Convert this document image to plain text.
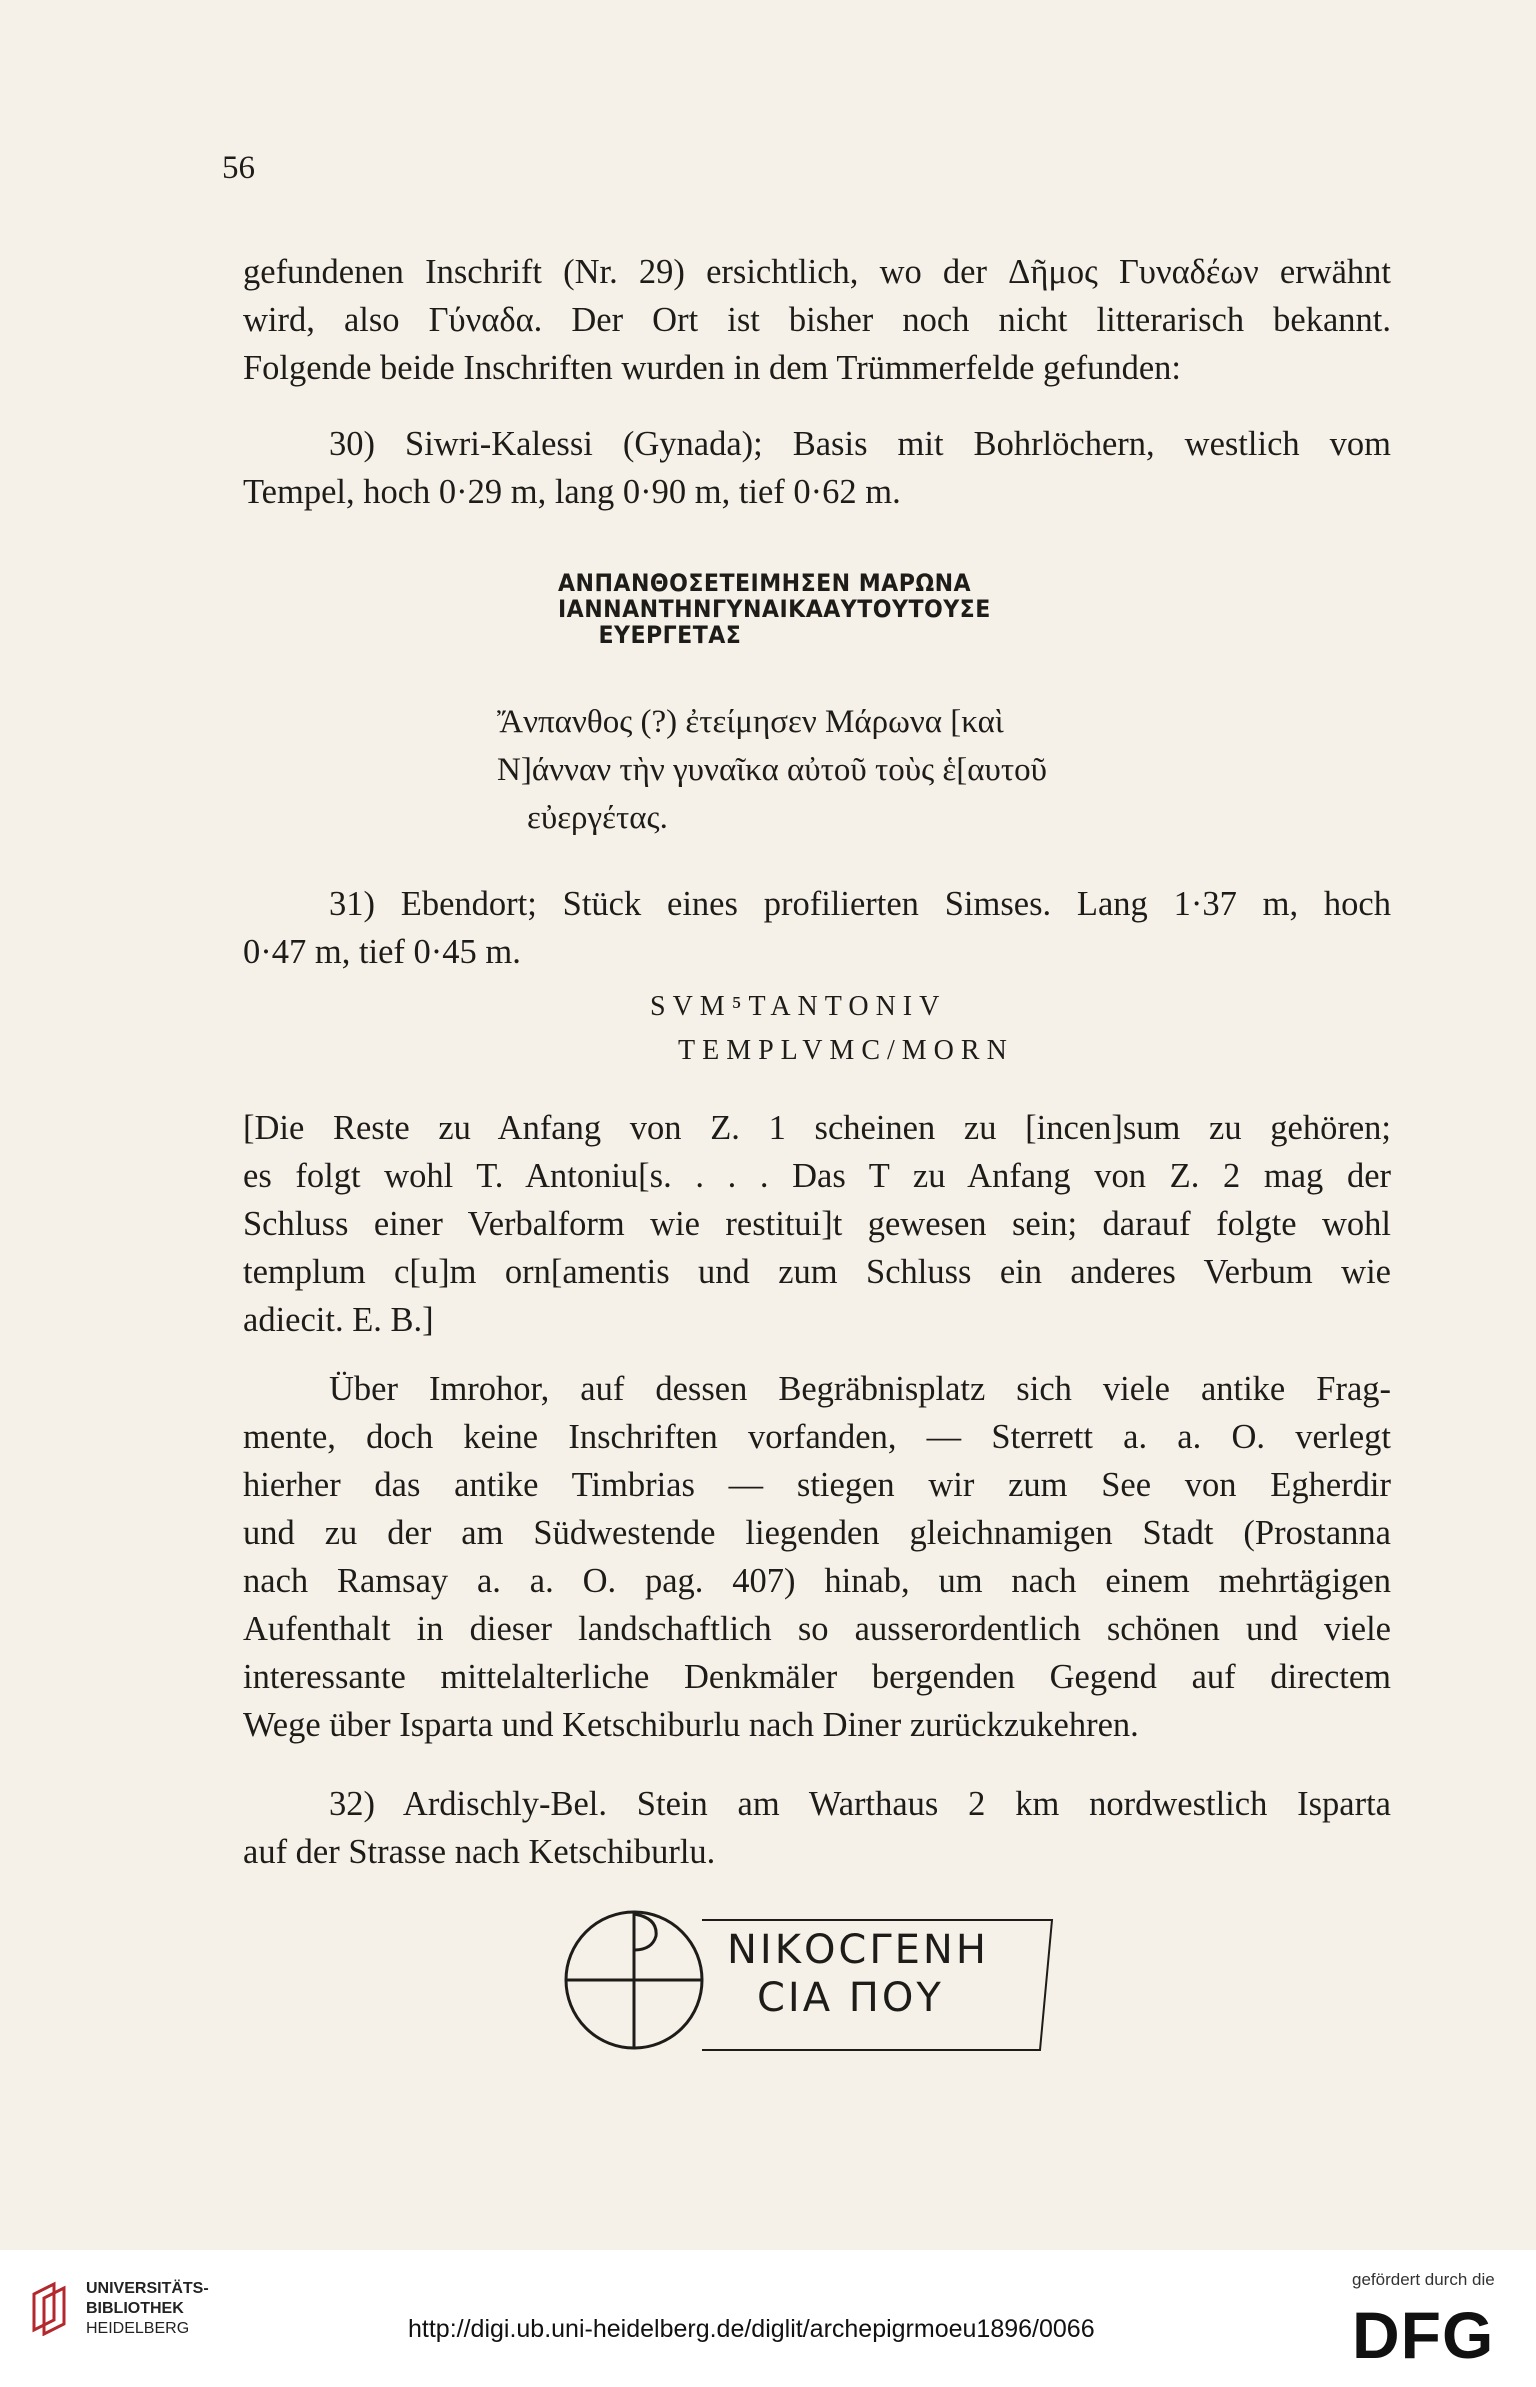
56
gefundenen Inschrift (Nr. 29) ersichtlich, wo der Δῆμος Γυναδέων erwähnt
wird, also Γύναδα. Der Ort ist bisher noch nicht litterarisch bekannt.
Folgende beide Inschriften wurden in dem Trümmerfelde gefunden:
30) Siwri-Kalessi (Gynada); Basis mit Bohrlöchern, westlich vom
Tempel, hoch 0·29 m, lang 0·90 m, tief 0·62 m.
ΑΝΠΑΝΘΟΣΕΤΕΙΜΗΣΕΝ ΜΑΡΩΝΑ
ΙΑΝΝΑΝΤΗΝΓΥΝΑΙΚΑΑΥΤΟΥΤΟΥΣΕ
ΕΥΕΡΓΕΤΑΣ
Ἄνπανθος (?) ἐτείμησεν Μάρωνα [καὶ
N]άνναν τὴν γυναῖκα αὐτοῦ τοὺς ἑ[αυτοῦ
εὐεργέτας.
31) Ebendort; Stück eines profilierten Simses. Lang 1·37 m, hoch
0·47 m, tief 0·45 m.
SVM⁵TANTONIV
TEMPLVMC/MORN
[Die Reste zu Anfang von Z. 1 scheinen zu [incen]sum zu gehören;
es folgt wohl T. Antoniu[s. . . . Das T zu Anfang von Z. 2 mag der
Schluss einer Verbalform wie restitui]t gewesen sein; darauf folgte wohl
templum c[u]m orn[amentis und zum Schluss ein anderes Verbum wie
adiecit. E. B.]
Über Imrohor, auf dessen Begräbnisplatz sich viele antike Frag-
mente, doch keine Inschriften vorfanden, — Sterrett a. a. O. verlegt
hierher das antike Timbrias — stiegen wir zum See von Egherdir
und zu der am Südwestende liegenden gleichnamigen Stadt (Prostanna
nach Ramsay a. a. O. pag. 407) hinab, um nach einem mehrtägigen
Aufenthalt in dieser landschaftlich so ausserordentlich schönen und viele
interessante mittelalterliche Denkmäler bergenden Gegend auf directem
Wege über Isparta und Ketschiburlu nach Diner zurückzukehren.
32) Ardischly-Bel. Stein am Warthaus 2 km nordwestlich Isparta
auf der Strasse nach Ketschiburlu.
ΝΙΚΟCΓΕΝΗ
CΙΑ ΠΟΥ
UNIVERSITÄTS-
BIBLIOTHEK
HEIDELBERG	http://digi.ub.uni-heidelberg.de/diglit/archepigrmoeu1896/0066
gefördert durch die
DFG
